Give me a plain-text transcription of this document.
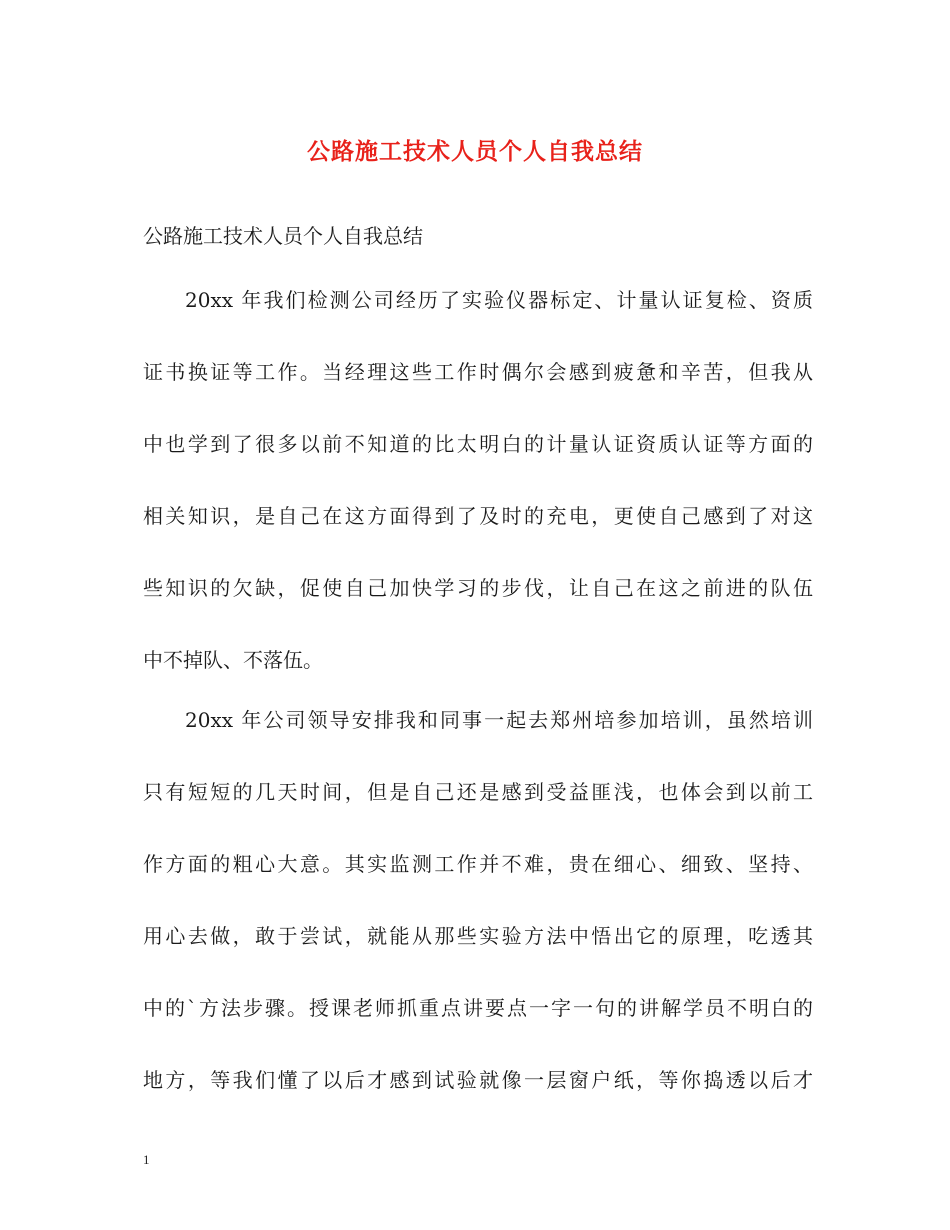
公路施工技术人员个人自我总结
公路施工技术人员个人自我总结
20xx 年我们检测公司经历了实验仪器标定、计量认证复检、资质
证书换证等工作。当经理这些工作时偶尔会感到疲惫和辛苦，但我从
中也学到了很多以前不知道的比太明白的计量认证资质认证等方面的
相关知识，是自己在这方面得到了及时的充电，更使自己感到了对这
些知识的欠缺，促使自己加快学习的步伐，让自己在这之前进的队伍
中不掉队、不落伍。
20xx 年公司领导安排我和同事一起去郑州培参加培训，虽然培训
只有短短的几天时间，但是自己还是感到受益匪浅，也体会到以前工
作方面的粗心大意。其实监测工作并不难，贵在细心、细致、坚持、
用心去做，敢于尝试，就能从那些实验方法中悟出它的原理，吃透其
中的`方法步骤。授课老师抓重点讲要点一字一句的讲解学员不明白的
地方，等我们懂了以后才感到试验就像一层窗户纸，等你捣透以后才
1
